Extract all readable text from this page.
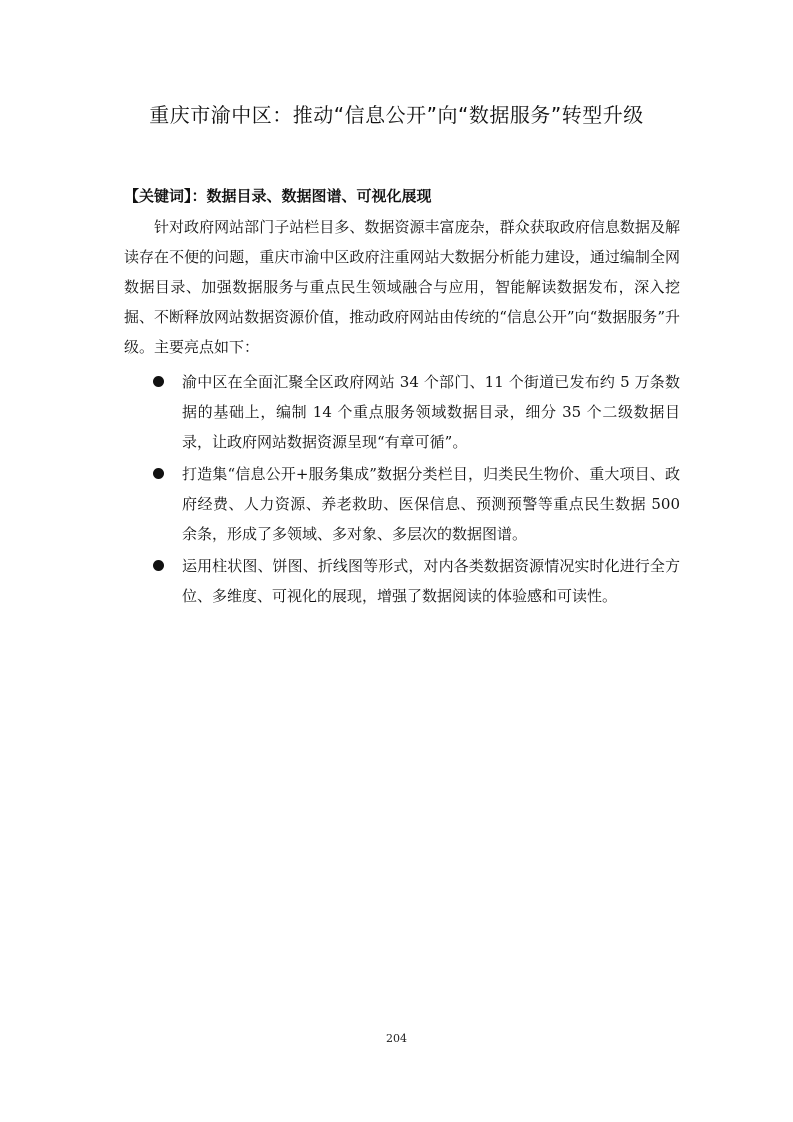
重庆市渝中区：推动“信息公开”向“数据服务”转型升级
【关键词】：数据目录、数据图谱、可视化展现

针对政府网站部门子站栏目多、数据资源丰富庞杂，群众获取政府信息数据及解读存在不便的问题，重庆市渝中区政府注重网站大数据分析能力建设，通过编制全网数据目录、加强数据服务与重点民生领域融合与应用，智能解读数据发布，深入挖掘、不断释放网站数据资源价值，推动政府网站由传统的“信息公开”向“数据服务”升级。主要亮点如下：

渝中区在全面汇聚全区政府网站 34 个部门、11 个街道已发布约 5 万条数据的基础上，编制 14 个重点服务领域数据目录，细分 35 个二级数据目录，让政府网站数据资源呈现“有章可循”。
打造集“信息公开+服务集成”数据分类栏目，归类民生物价、重大项目、政府经费、人力资源、养老救助、医保信息、预测预警等重点民生数据 500 余条，形成了多领域、多对象、多层次的数据图谱。
运用柱状图、饼图、折线图等形式，对内各类数据资源情况实时化进行全方位、多维度、可视化的展现，增强了数据阅读的体验感和可读性。
204
